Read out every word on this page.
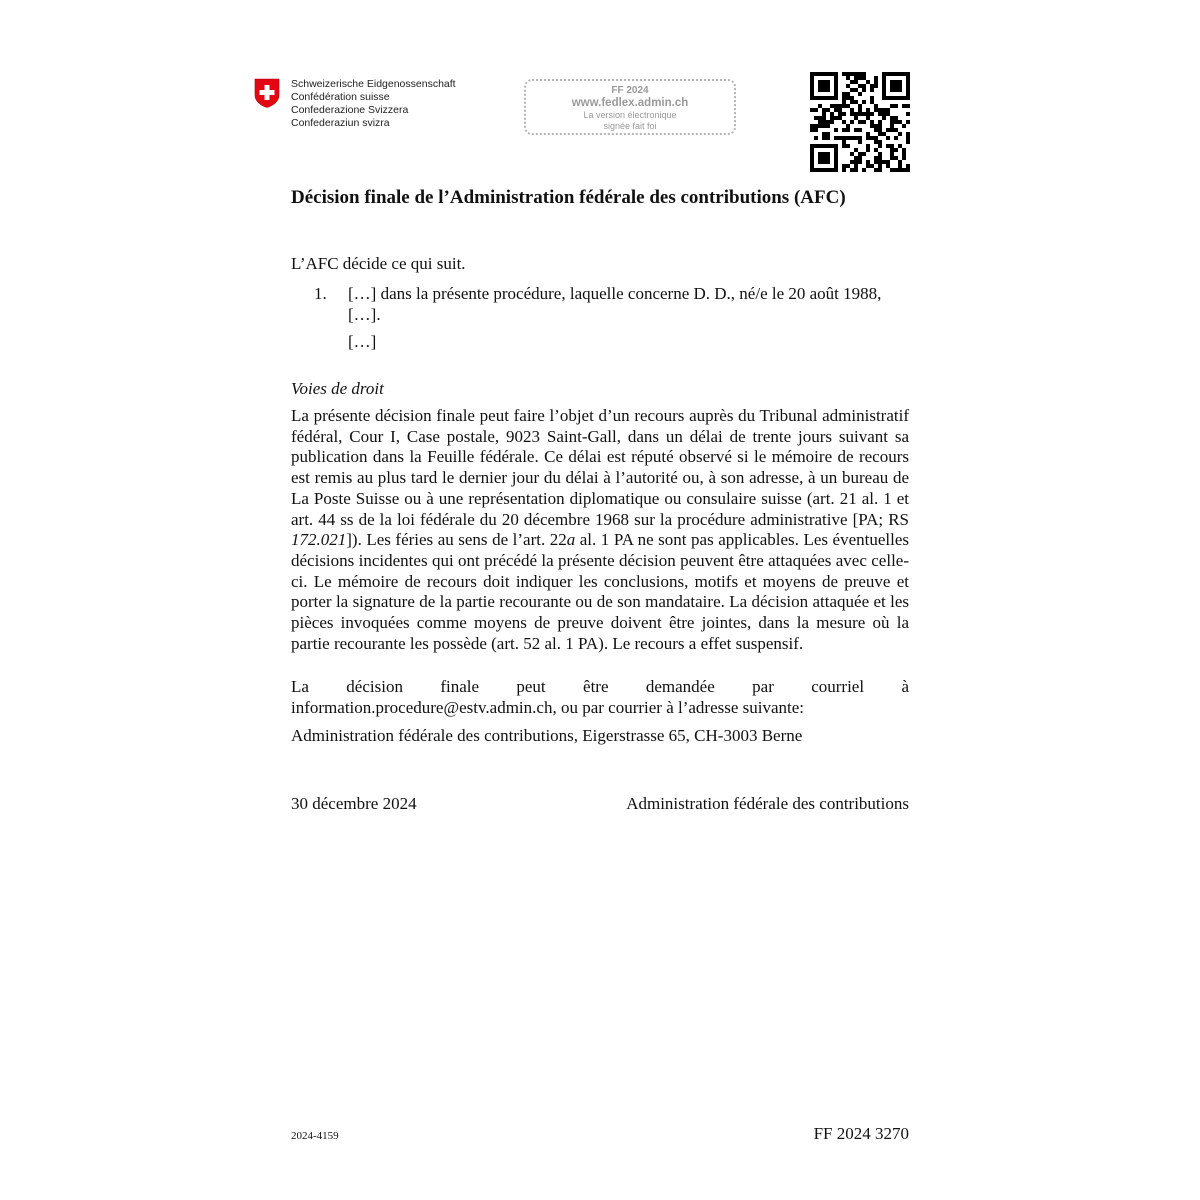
Schweizerische Eidgenossenschaft
Confédération suisse
Confederazione Svizzera
Confederaziun svizra
FF 2024
www.fedlex.admin.ch
La version électronique
signée fait foi
Décision finale de l’Administration fédérale des contributions (AFC)
L’AFC décide ce qui suit.
1. […] dans la présente procédure, laquelle concerne D. D., né/e le 20 août 1988, […].
[…]
Voies de droit
La présente décision finale peut faire l’objet d’un recours auprès du Tribunal administratif fédéral, Cour I, Case postale, 9023 Saint-Gall, dans un délai de trente jours suivant sa publication dans la Feuille fédérale. Ce délai est réputé observé si le mémoire de recours est remis au plus tard le dernier jour du délai à l’autorité ou, à son adresse, à un bureau de La Poste Suisse ou à une représentation diplomatique ou consulaire suisse (art. 21 al. 1 et art. 44 ss de la loi fédérale du 20 décembre 1968 sur la procédure administrative [PA; RS 172.021]). Les féries au sens de l’art. 22a al. 1 PA ne sont pas applicables. Les éventuelles décisions incidentes qui ont précédé la présente décision peuvent être attaquées avec celle-ci. Le mémoire de recours doit indiquer les conclusions, motifs et moyens de preuve et porter la signature de la partie recourante ou de son mandataire. La décision attaquée et les pièces invoquées comme moyens de preuve doivent être jointes, dans la mesure où la partie recourante les possède (art. 52 al. 1 PA). Le recours a effet suspensif.
La décision finale peut être demandée par courriel à information.procedure@estv.admin.ch, ou par courrier à l’adresse suivante:
Administration fédérale des contributions, Eigerstrasse 65, CH-3003 Berne
30 décembre 2024	Administration fédérale des contributions
2024-4159	FF 2024 3270
